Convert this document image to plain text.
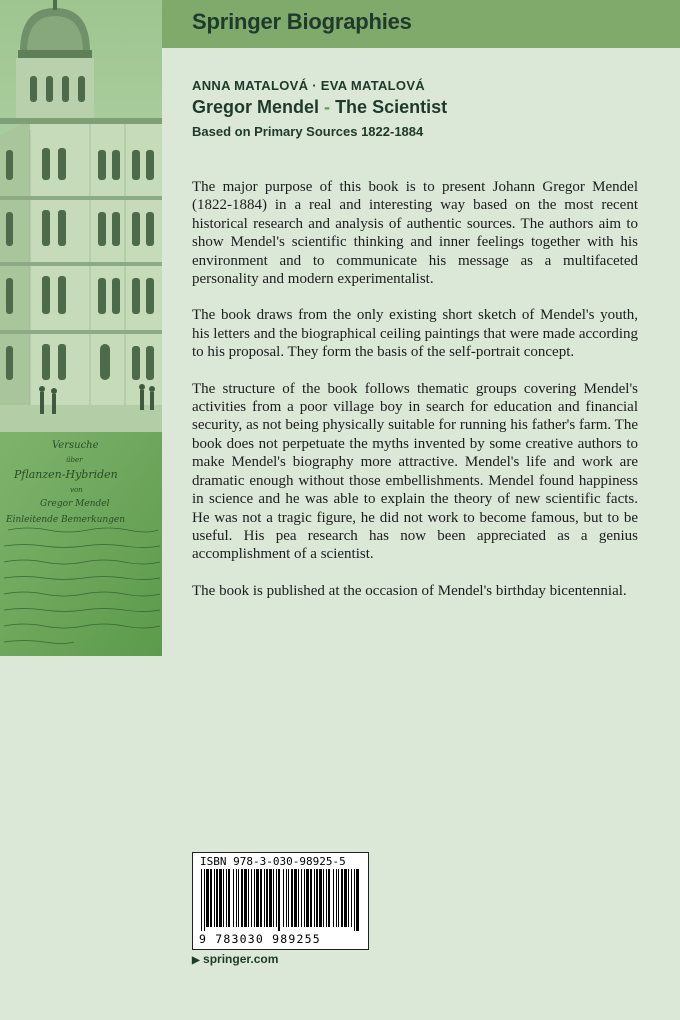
Springer Biographies
Versuche
über
Pflanzen-Hybriden
von
Gregor Mendel
Einleitende Bemerkungen
ANNA MATALOVÁ · EVA MATALOVÁ
Gregor Mendel - The Scientist
Based on Primary Sources 1822-1884

The major purpose of this book is to present Johann Gregor Mendel (1822-1884) in a real and interesting way based on the most recent historical research and analysis of authentic sources. The authors aim to show Mendel's scientific thinking and inner feelings together with his environment and to communicate his message as a multifaceted personality and modern experimentalist.

The book draws from the only existing short sketch of Mendel's youth, his letters and the biographical ceiling paintings that were made according to his proposal. They form the basis of the self-portrait concept.

The structure of the book follows thematic groups covering Mendel's activities from a poor village boy in search for education and financial security, as not being physically suitable for running his father's farm. The book does not perpetuate the myths invented by some creative authors to make Mendel's biography more attractive. Mendel's life and work are dramatic enough without those embellishments. Mendel found happiness in science and he was able to explain the theory of new scientific facts. He was not a tragic figure, he did not work to become famous, but to be useful. His pea research has now been appreciated as a genius accomplishment of a scientist.

The book is published at the occasion of Mendel's birthday bicentennial.

ISBN 978-3-030-98925-5
9 783030 989255
▶ springer.com
